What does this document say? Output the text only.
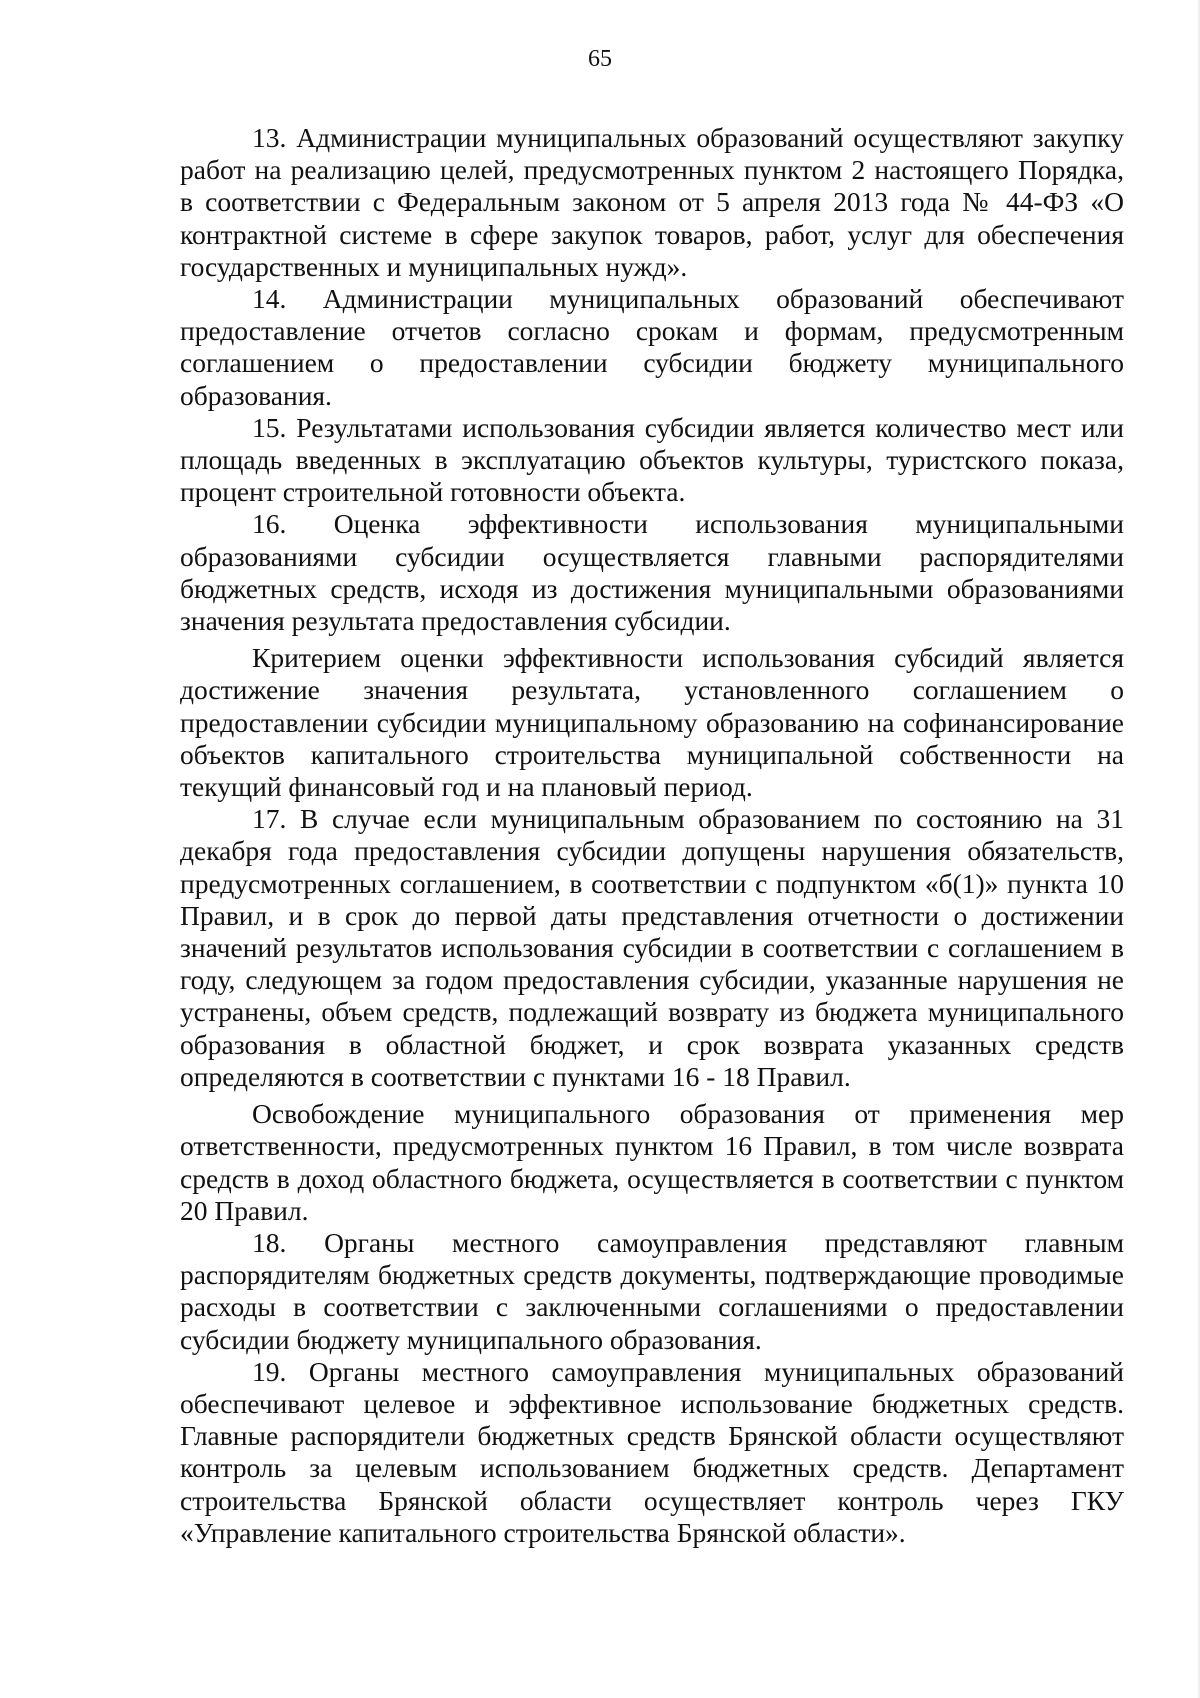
65

13. Администрации муниципальных образований осуществляют закупку работ на реализацию целей, предусмотренных пунктом 2 настоящего Порядка, в соответствии с Федеральным законом от 5 апреля 2013 года № 44-ФЗ «О контрактной системе в сфере закупок товаров, работ, услуг для обеспечения государственных и муниципальных нужд».

14. Администрации муниципальных образований обеспечивают предоставление отчетов согласно срокам и формам, предусмотренным соглашением о предоставлении субсидии бюджету муниципального образования.

15. Результатами использования субсидии является количество мест или площадь введенных в эксплуатацию объектов культуры, туристского показа, процент строительной готовности объекта.

16. Оценка эффективности использования муниципальными образованиями субсидии осуществляется главными распорядителями бюджетных средств, исходя из достижения муниципальными образованиями значения результата предоставления субсидии.

Критерием оценки эффективности использования субсидий является достижение значения результата, установленного соглашением о предоставлении субсидии муниципальному образованию на софинансирование объектов капитального строительства муниципальной собственности на текущий финансовый год и на плановый период.

17. В случае если муниципальным образованием по состоянию на 31 декабря года предоставления субсидии допущены нарушения обязательств, предусмотренных соглашением, в соответствии с подпунктом «б(1)» пункта 10 Правил, и в срок до первой даты представления отчетности о достижении значений результатов использования субсидии в соответствии с соглашением в году, следующем за годом предоставления субсидии, указанные нарушения не устранены, объем средств, подлежащий возврату из бюджета муниципального образования в областной бюджет, и срок возврата указанных средств определяются в соответствии с пунктами 16 - 18 Правил.

Освобождение муниципального образования от применения мер ответственности, предусмотренных пунктом 16 Правил, в том числе возврата средств в доход областного бюджета, осуществляется в соответствии с пунктом 20 Правил.

18. Органы местного самоуправления представляют главным распорядителям бюджетных средств документы, подтверждающие проводимые расходы в соответствии с заключенными соглашениями о предоставлении субсидии бюджету муниципального образования.

19. Органы местного самоуправления муниципальных образований обеспечивают целевое и эффективное использование бюджетных средств. Главные распорядители бюджетных средств Брянской области осуществляют контроль за целевым использованием бюджетных средств. Департамент строительства Брянской области осуществляет контроль через ГКУ «Управление капитального строительства Брянской области».
